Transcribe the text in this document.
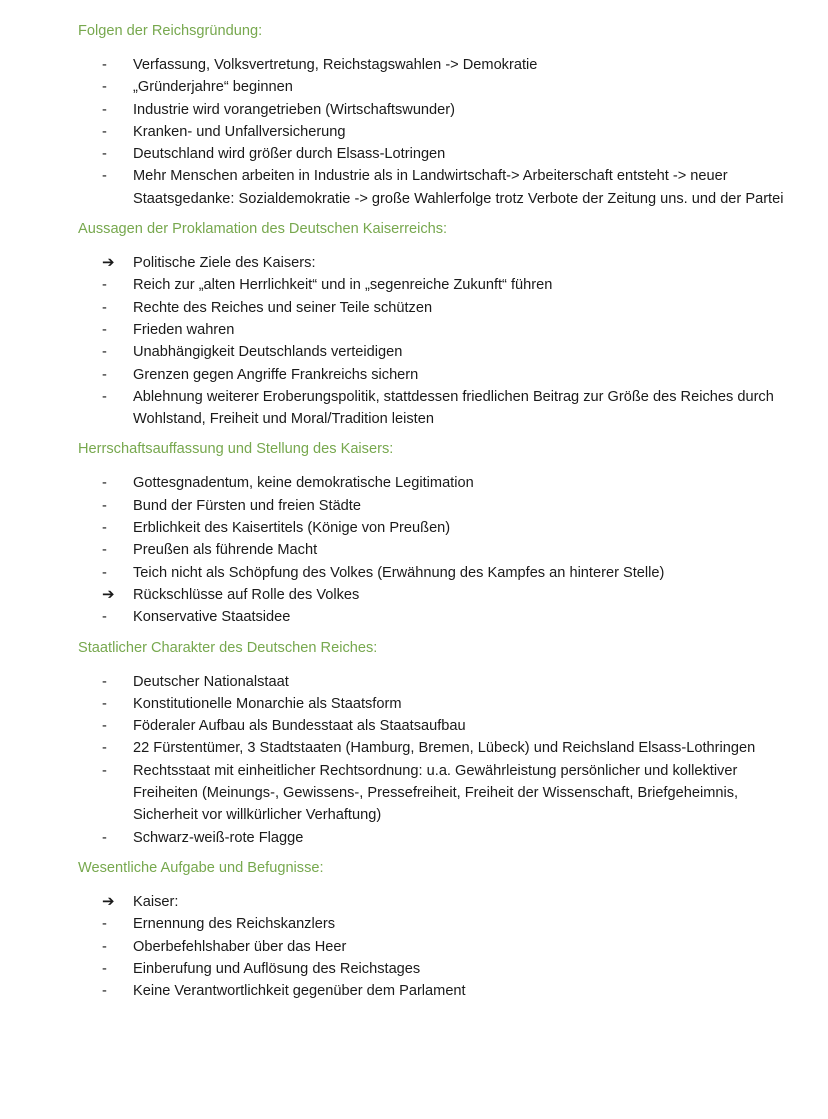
Folgen der Reichsgründung:
-
Verfassung, Volksvertretung, Reichstagswahlen -> Demokratie
-
„Gründerjahre“ beginnen
-
Industrie wird vorangetrieben (Wirtschaftswunder)
-
Kranken- und Unfallversicherung
-
Deutschland wird größer durch Elsass-Lotringen
-
Mehr Menschen arbeiten in Industrie als in Landwirtschaft-> Arbeiterschaft entsteht -> neuer Staatsgedanke: Sozialdemokratie -> große Wahlerfolge trotz Verbote der Zeitung uns. und der Partei
Aussagen der Proklamation des Deutschen Kaiserreichs:
➔
Politische Ziele des Kaisers:
-
Reich zur „alten Herrlichkeit“ und in „segenreiche Zukunft“ führen
-
Rechte des Reiches und seiner Teile schützen
-
Frieden wahren
-
Unabhängigkeit Deutschlands verteidigen
-
Grenzen gegen Angriffe Frankreichs sichern
-
Ablehnung weiterer Eroberungspolitik, stattdessen friedlichen Beitrag zur Größe des Reiches durch Wohlstand, Freiheit und Moral/Tradition leisten
Herrschaftsauffassung und Stellung des Kaisers:
-
Gottesgnadentum, keine demokratische Legitimation
-
Bund der Fürsten und freien Städte
-
Erblichkeit des Kaisertitels (Könige von Preußen)
-
Preußen als führende Macht
-
Teich nicht als Schöpfung des Volkes (Erwähnung des Kampfes an hinterer Stelle)
➔
Rückschlüsse auf Rolle des Volkes
-
Konservative Staatsidee
Staatlicher Charakter des Deutschen Reiches:
-
Deutscher Nationalstaat
-
Konstitutionelle Monarchie als Staatsform
-
Föderaler Aufbau als Bundesstaat als Staatsaufbau
-
22 Fürstentümer, 3 Stadtstaaten (Hamburg, Bremen, Lübeck) und Reichsland Elsass-Lothringen
-
Rechtsstaat mit einheitlicher Rechtsordnung: u.a. Gewährleistung persönlicher und kollektiver Freiheiten (Meinungs-, Gewissens-, Pressefreiheit, Freiheit der Wissenschaft, Briefgeheimnis, Sicherheit vor willkürlicher Verhaftung)
-
Schwarz-weiß-rote Flagge
Wesentliche Aufgabe und Befugnisse:
➔
Kaiser:
-
Ernennung des Reichskanzlers
-
Oberbefehlshaber über das Heer
-
Einberufung und Auflösung des Reichstages
-
Keine Verantwortlichkeit gegenüber dem Parlament
